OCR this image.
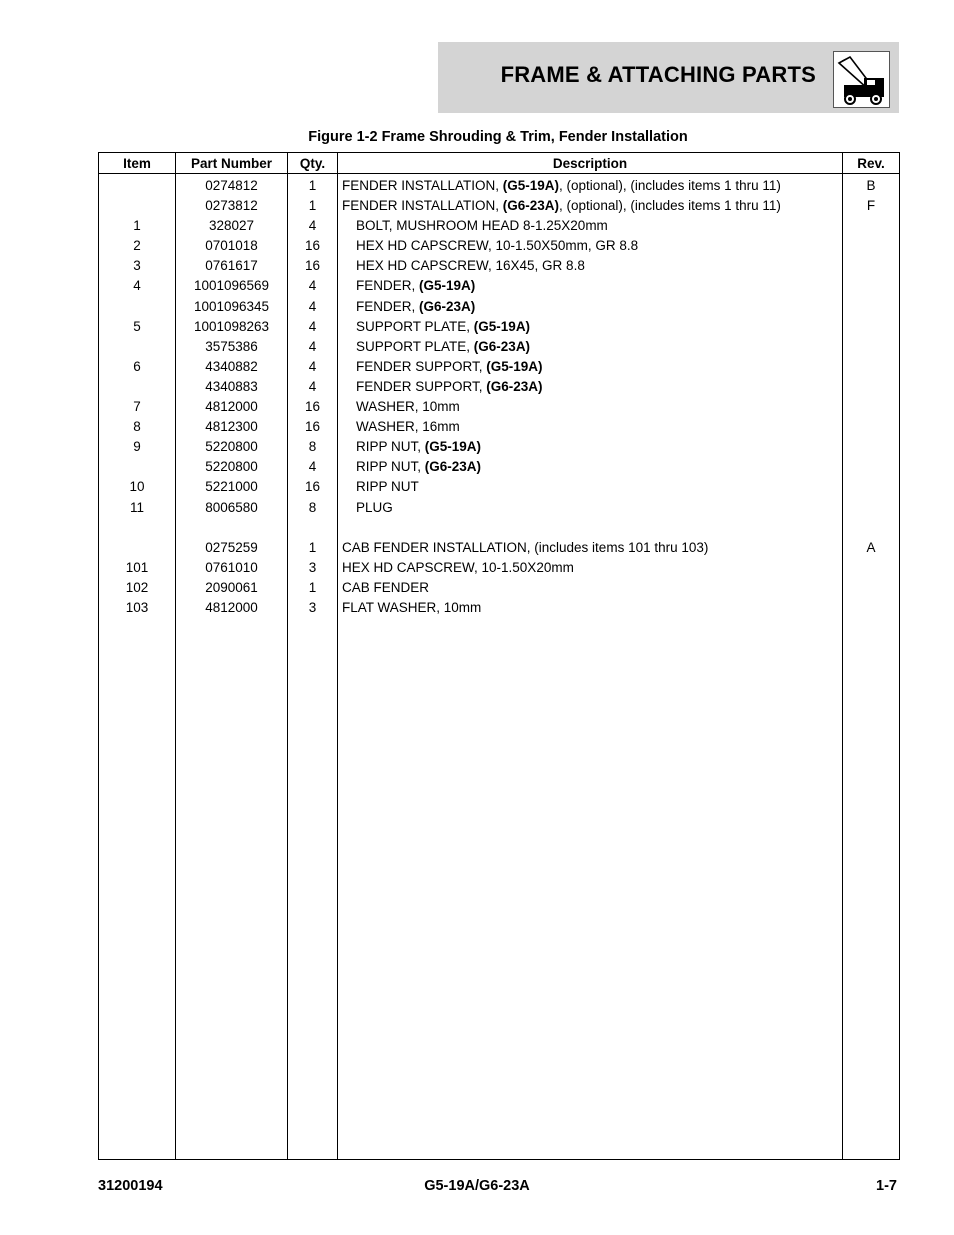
FRAME & ATTACHING PARTS
Figure 1-2 Frame Shrouding & Trim, Fender Installation
Item	Part Number	Qty.	Description	Rev.
	0274812	1	FENDER INSTALLATION, (G5-19A), (optional), (includes items 1 thru 11)	B
	0273812	1	FENDER INSTALLATION, (G6-23A), (optional), (includes items 1 thru 11)	F
1	328027	4	BOLT, MUSHROOM HEAD 8-1.25X20mm	
2	0701018	16	HEX HD CAPSCREW, 10-1.50X50mm, GR 8.8	
3	0761617	16	HEX HD CAPSCREW, 16X45, GR 8.8	
4	1001096569	4	FENDER, (G5-19A)	
	1001096345	4	FENDER, (G6-23A)	
5	1001098263	4	SUPPORT PLATE, (G5-19A)	
	3575386	4	SUPPORT PLATE, (G6-23A)	
6	4340882	4	FENDER SUPPORT, (G5-19A)	
	4340883	4	FENDER SUPPORT, (G6-23A)	
7	4812000	16	WASHER, 10mm	
8	4812300	16	WASHER, 16mm	
9	5220800	8	RIPP NUT, (G5-19A)	
	5220800	4	RIPP NUT, (G6-23A)	
10	5221000	16	RIPP NUT	
11	8006580	8	PLUG	

	0275259	1	CAB FENDER INSTALLATION, (includes items 101 thru 103)	A
101	0761010	3	HEX HD CAPSCREW, 10-1.50X20mm	
102	2090061	1	CAB FENDER	
103	4812000	3	FLAT WASHER, 10mm	

31200194	G5-19A/G6-23A	1-7
